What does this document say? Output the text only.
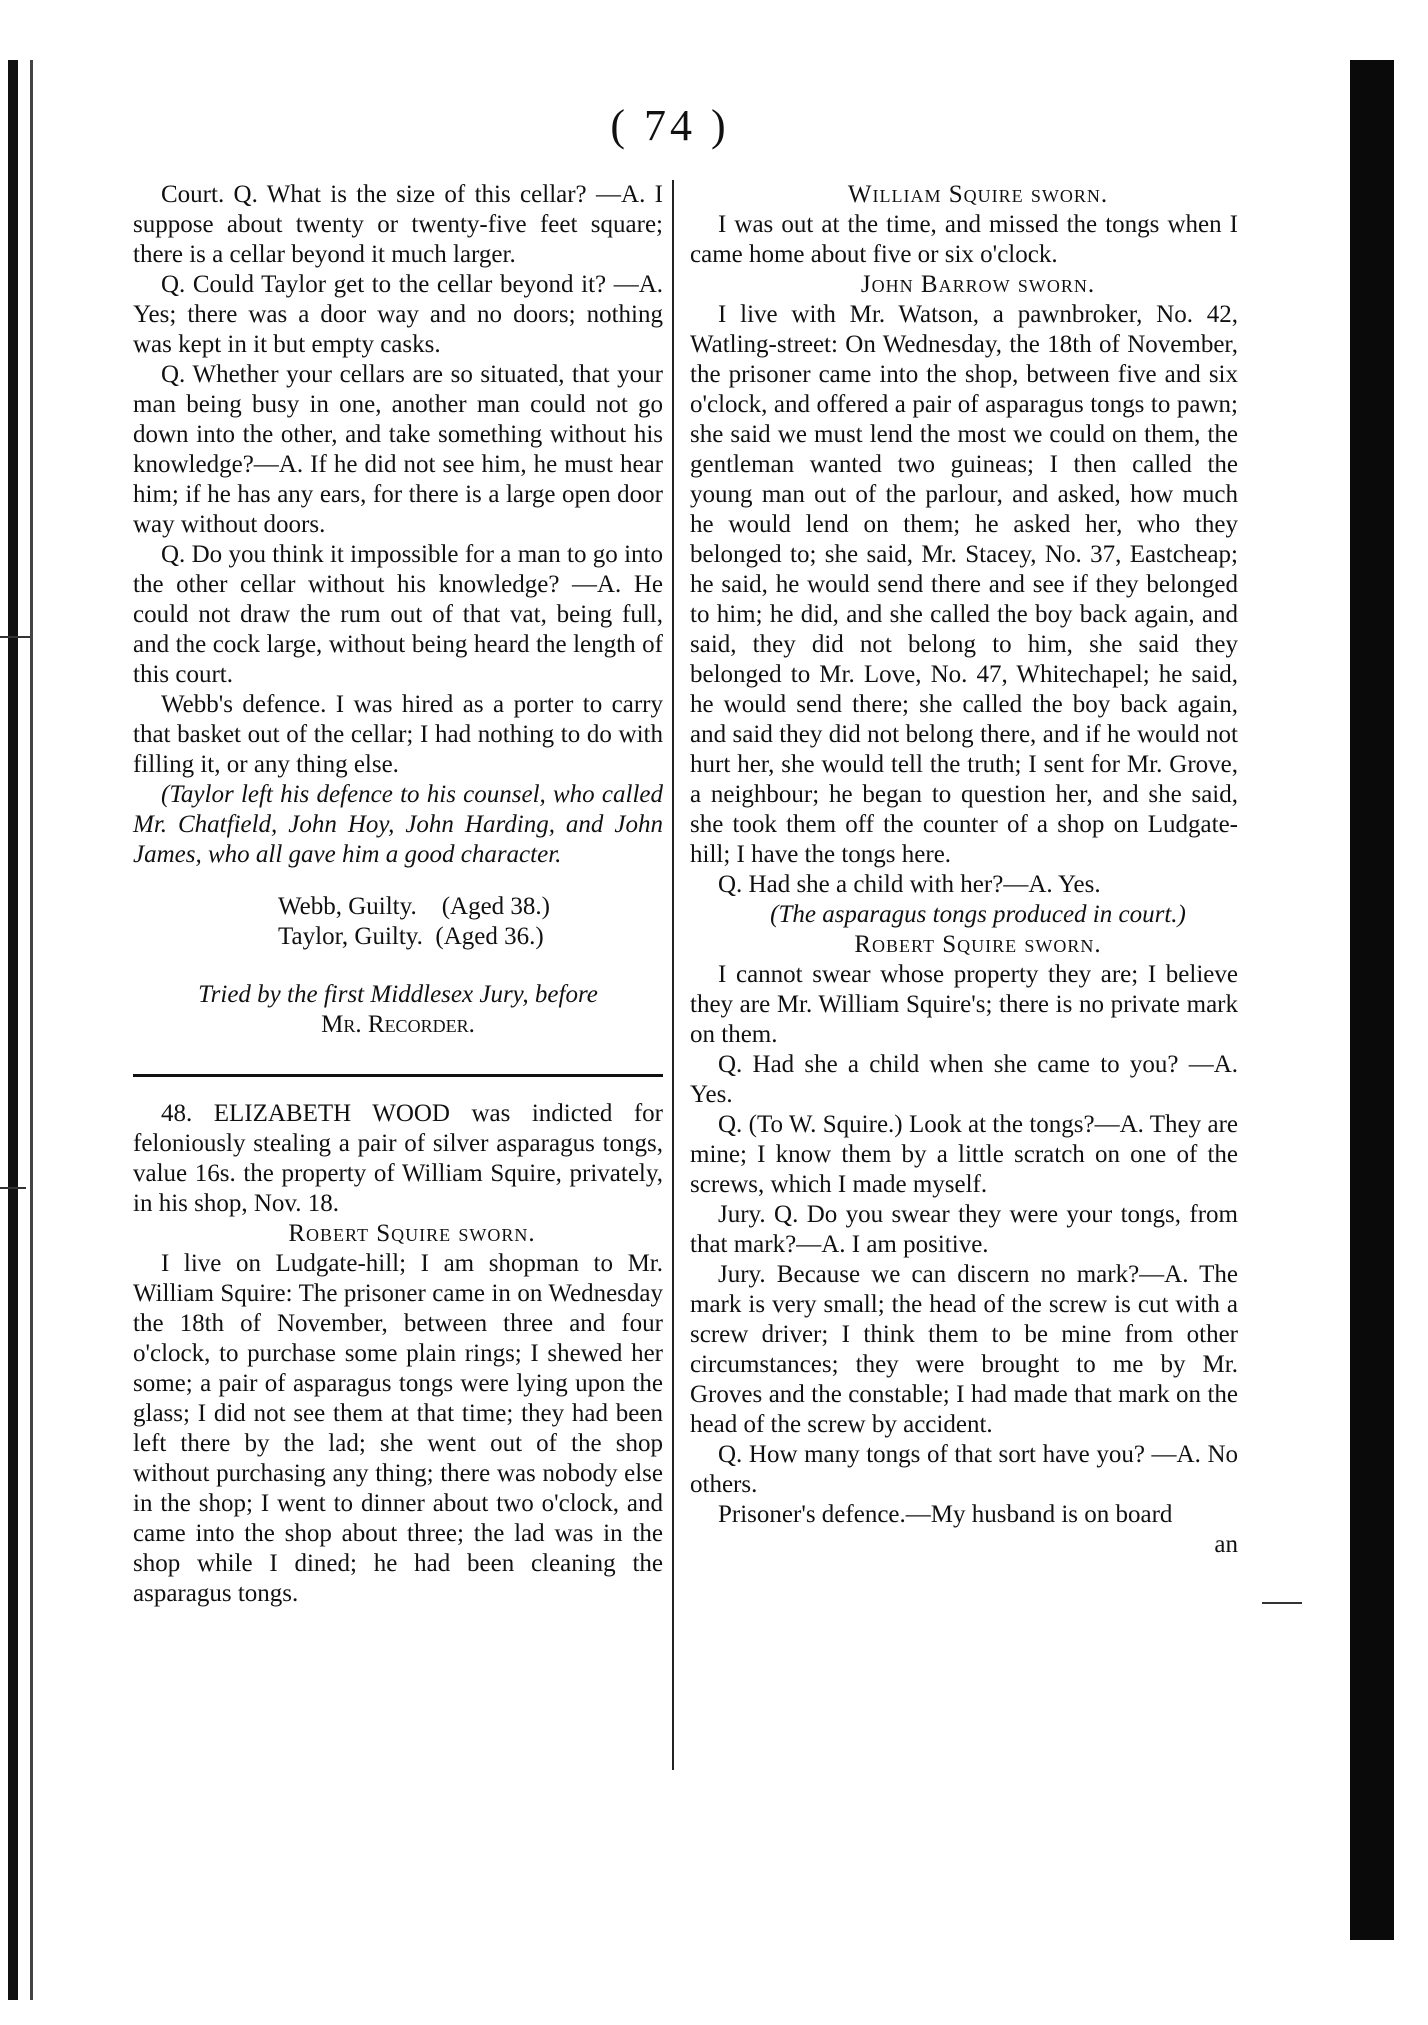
( 74 )

Court. Q. What is the size of this cellar? —A. I suppose about twenty or twenty-five feet square; there is a cellar beyond it much larger.

Q. Could Taylor get to the cellar beyond it? —A. Yes; there was a door way and no doors; nothing was kept in it but empty casks.

Q. Whether your cellars are so situated, that your man being busy in one, another man could not go down into the other, and take something without his knowledge?—A. If he did not see him, he must hear him; if he has any ears, for there is a large open door way without doors.

Q. Do you think it impossible for a man to go into the other cellar without his knowledge? —A. He could not draw the rum out of that vat, being full, and the cock large, without being heard the length of this court.

Webb's defence. I was hired as a porter to carry that basket out of the cellar; I had nothing to do with filling it, or any thing else.

(Taylor left his defence to his counsel, who called Mr. Chatfield, John Hoy, John Harding, and John James, who all gave him a good character.

Webb, Guilty.    (Aged 38.)
Taylor, Guilty.  (Aged 36.)
Tried by the first Middlesex Jury, before
Mr. Recorder.

48. ELIZABETH WOOD was indicted for feloniously stealing a pair of silver asparagus tongs, value 16s. the property of William Squire, privately, in his shop, Nov. 18.

Robert Squire sworn.

I live on Ludgate-hill; I am shopman to Mr. William Squire: The prisoner came in on Wednesday the 18th of November, between three and four o'clock, to purchase some plain rings; I shewed her some; a pair of asparagus tongs were lying upon the glass; I did not see them at that time; they had been left there by the lad; she went out of the shop without purchasing any thing; there was nobody else in the shop; I went to dinner about two o'clock, and came into the shop about three; the lad was in the shop while I dined; he had been cleaning the asparagus tongs.

William Squire sworn.

I was out at the time, and missed the tongs when I came home about five or six o'clock.

John Barrow sworn.

I live with Mr. Watson, a pawnbroker, No. 42, Watling-street: On Wednesday, the 18th of November, the prisoner came into the shop, between five and six o'clock, and offered a pair of asparagus tongs to pawn; she said we must lend the most we could on them, the gentleman wanted two guineas; I then called the young man out of the parlour, and asked, how much he would lend on them; he asked her, who they belonged to; she said, Mr. Stacey, No. 37, Eastcheap; he said, he would send there and see if they belonged to him; he did, and she called the boy back again, and said, they did not belong to him, she said they belonged to Mr. Love, No. 47, Whitechapel; he said, he would send there; she called the boy back again, and said they did not belong there, and if he would not hurt her, she would tell the truth; I sent for Mr. Grove, a neighbour; he began to question her, and she said, she took them off the counter of a shop on Ludgate-hill; I have the tongs here.

Q. Had she a child with her?—A. Yes.

(The asparagus tongs produced in court.)

Robert Squire sworn.

I cannot swear whose property they are; I believe they are Mr. William Squire's; there is no private mark on them.

Q. Had she a child when she came to you? —A. Yes.

Q. (To W. Squire.) Look at the tongs?—A. They are mine; I know them by a little scratch on one of the screws, which I made myself.

Jury. Q. Do you swear they were your tongs, from that mark?—A. I am positive.

Jury. Because we can discern no mark?—A. The mark is very small; the head of the screw is cut with a screw driver; I think them to be mine from other circumstances; they were brought to me by Mr. Groves and the constable; I had made that mark on the head of the screw by accident.

Q. How many tongs of that sort have you? —A. No others.

Prisoner's defence.—My husband is on board

an
